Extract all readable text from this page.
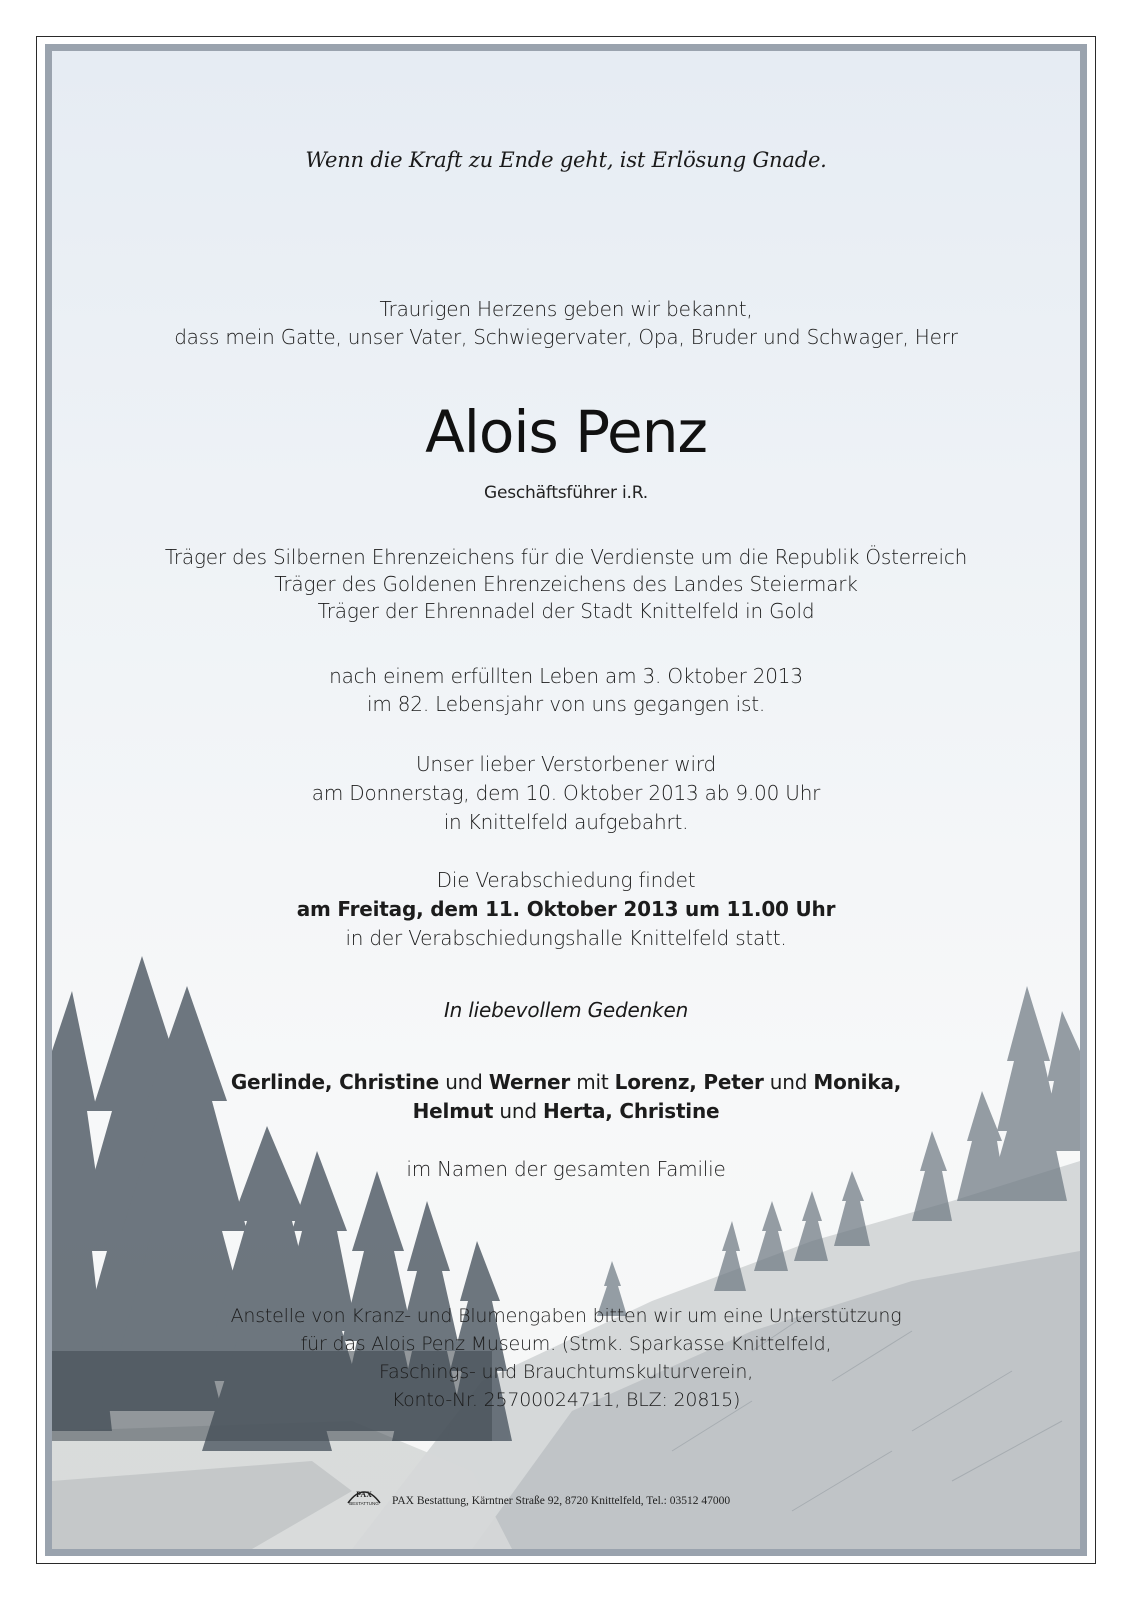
Wenn die Kraft zu Ende geht, ist Erlösung Gnade.
Traurigen Herzens geben wir bekannt,
dass mein Gatte, unser Vater, Schwiegervater, Opa, Bruder und Schwager, Herr
Alois Penz
Geschäftsführer i.R.
Träger des Silbernen Ehrenzeichens für die Verdienste um die Republik Österreich
Träger des Goldenen Ehrenzeichens des Landes Steiermark
Träger der Ehrennadel der Stadt Knittelfeld in Gold
nach einem erfüllten Leben am 3. Oktober 2013
im 82. Lebensjahr von uns gegangen ist.
Unser lieber Verstorbener wird
am Donnerstag, dem 10. Oktober 2013 ab 9.00 Uhr
in Knittelfeld aufgebahrt.
Die Verabschiedung findet
am Freitag, dem 11. Oktober 2013 um 11.00 Uhr
in der Verabschiedungshalle Knittelfeld statt.
In liebevollem Gedenken
Gerlinde, Christine und Werner mit Lorenz, Peter und Monika,
Helmut und Herta, Christine
im Namen der gesamten Familie
Anstelle von Kranz- und Blumengaben bitten wir um eine Unterstützung
für das Alois Penz Museum. (Stmk. Sparkasse Knittelfeld,
Faschings- und Brauchtumskulturverein,
Konto-Nr. 25700024711, BLZ: 20815)
PAX
BESTATTUNG PAX Bestattung, Kärntner Straße 92, 8720 Knittelfeld, Tel.: 03512 47000
